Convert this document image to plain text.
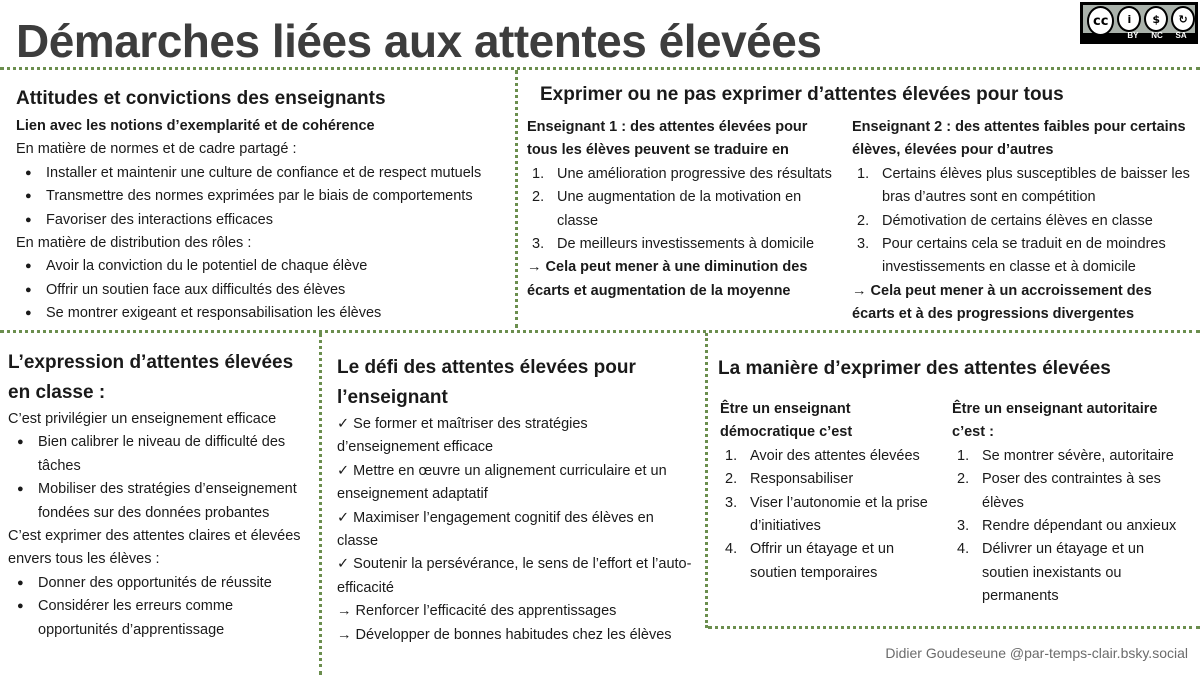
Démarches liées aux attentes élevées	cc	i	$	↻
BY NC SA
Attitudes et convictions des enseignants
Lien avec les notions d’exemplarité et de cohérence
En matière de normes et de cadre partagé :
● Installer et maintenir une culture de confiance et de respect mutuels
● Transmettre des normes exprimées par le biais de comportements
● Favoriser des interactions efficaces
En matière de distribution des rôles :
● Avoir la conviction du le potentiel de chaque élève
● Offrir un soutien face aux difficultés des élèves
● Se montrer exigeant et responsabilisation les élèves
Exprimer ou ne pas exprimer d’attentes élevées pour tous
Enseignant 1 : des attentes élevées pour tous les élèves peuvent se traduire en
1. Une amélioration progressive des résultats
2. Une augmentation de la motivation en classe
3. De meilleurs investissements à domicile
→ Cela peut mener à une diminution des écarts et augmentation de la moyenne
Enseignant 2 : des attentes faibles pour certains élèves, élevées pour d’autres
1. Certains élèves plus susceptibles de baisser les bras d’autres sont en compétition
2. Démotivation de certains élèves en classe
3. Pour certains cela se traduit en de moindres investissements en classe et à domicile
→ Cela peut mener à un accroissement des écarts et à des progressions divergentes
L’expression d’attentes élevées en classe :
C’est privilégier un enseignement efficace
● Bien calibrer le niveau de difficulté des tâches
● Mobiliser des stratégies d’enseignement fondées sur des données probantes
C’est exprimer des attentes claires et élevées envers tous les élèves :
● Donner des opportunités de réussite
● Considérer les erreurs comme opportunités d’apprentissage
Le défi des attentes élevées pour l’enseignant
✓ Se former et maîtriser des stratégies d’enseignement efficace
✓ Mettre en œuvre un alignement curriculaire et un enseignement adaptatif
✓ Maximiser l’engagement cognitif des élèves en classe
✓ Soutenir la persévérance, le sens de l’effort et l’auto-efficacité
→ Renforcer l’efficacité des apprentissages
→ Développer de bonnes habitudes chez les élèves
La manière d’exprimer des attentes élevées
Être un enseignant démocratique c’est
1. Avoir des attentes élevées
2. Responsabiliser
3. Viser l’autonomie et la prise d’initiatives
4. Offrir un étayage et un soutien temporaires
Être un enseignant autoritaire c’est :
1. Se montrer sévère, autoritaire
2. Poser des contraintes à ses élèves
3. Rendre dépendant ou anxieux
4. Délivrer un étayage et un soutien inexistants ou permanents
Didier Goudeseune @par-temps-clair.bsky.social
